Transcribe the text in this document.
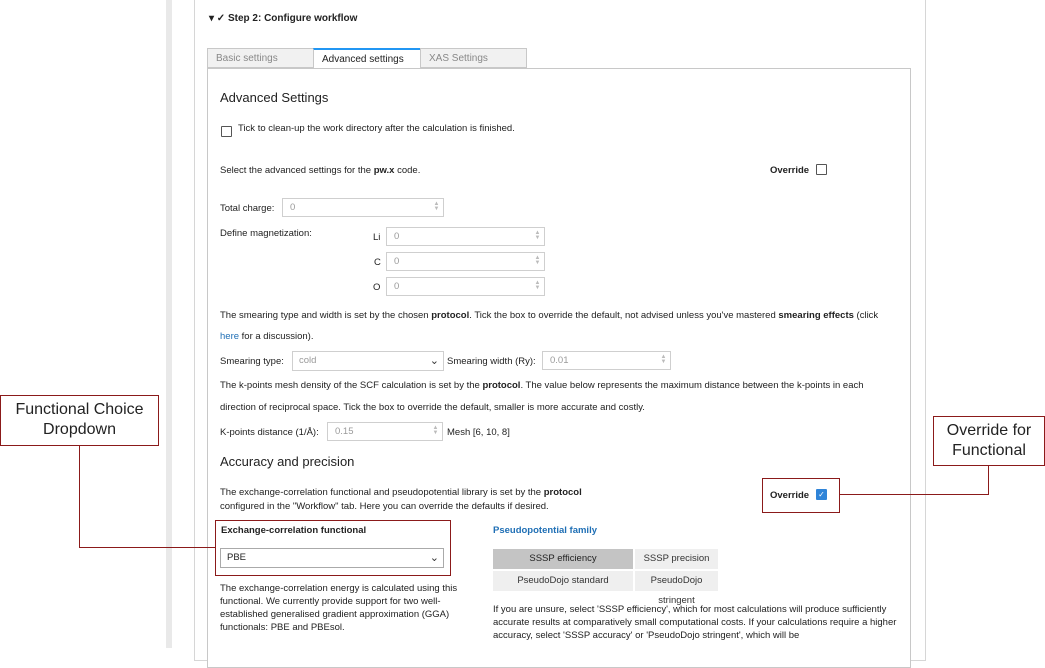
▾ ✓ Step 2: Configure workflow
Basic settings	Advanced settings	XAS Settings
Advanced Settings
Tick to clean-up the work directory after the calculation is finished.
Select the advanced settings for the pw.x code.	Override
Total charge:	0	▲
▼
Define magnetization:	Li	0	▲
▼
C	0	▲
▼
O	0	▲
▼
The smearing type and width is set by the chosen protocol. Tick the box to override the default, not advised unless you've mastered smearing effects (click
here for a discussion).
Smearing type:	cold	⌄ Smearing width (Ry):	0.01	▲
▼
The k-points mesh density of the SCF calculation is set by the protocol. The value below represents the maximum distance between the k-points in each
direction of reciprocal space. Tick the box to override the default, smaller is more accurate and costly.
K-points distance (1/Å):	0.15	▲
▼ Mesh [6, 10, 8]
Accuracy and precision
The exchange-correlation functional and pseudopotential library is set by the protocol
configured in the "Workflow" tab. Here you can override the defaults if desired.
Override ✓
Exchange-correlation functional
PBE	⌄
The exchange-correlation energy is calculated using this functional. We currently provide support for two well-established generalised gradient approximation (GGA) functionals: PBE and PBEsol.
Pseudopotential family
SSSP efficiency	SSSP precision
PseudoDojo standard	PseudoDojo stringent
If you are unsure, select 'SSSP efficiency', which for most calculations will produce sufficiently accurate results at comparatively small computational costs. If your calculations require a higher accuracy, select 'SSSP accuracy' or 'PseudoDojo stringent', which will be
Functional Choice Dropdown	Override for Functional
